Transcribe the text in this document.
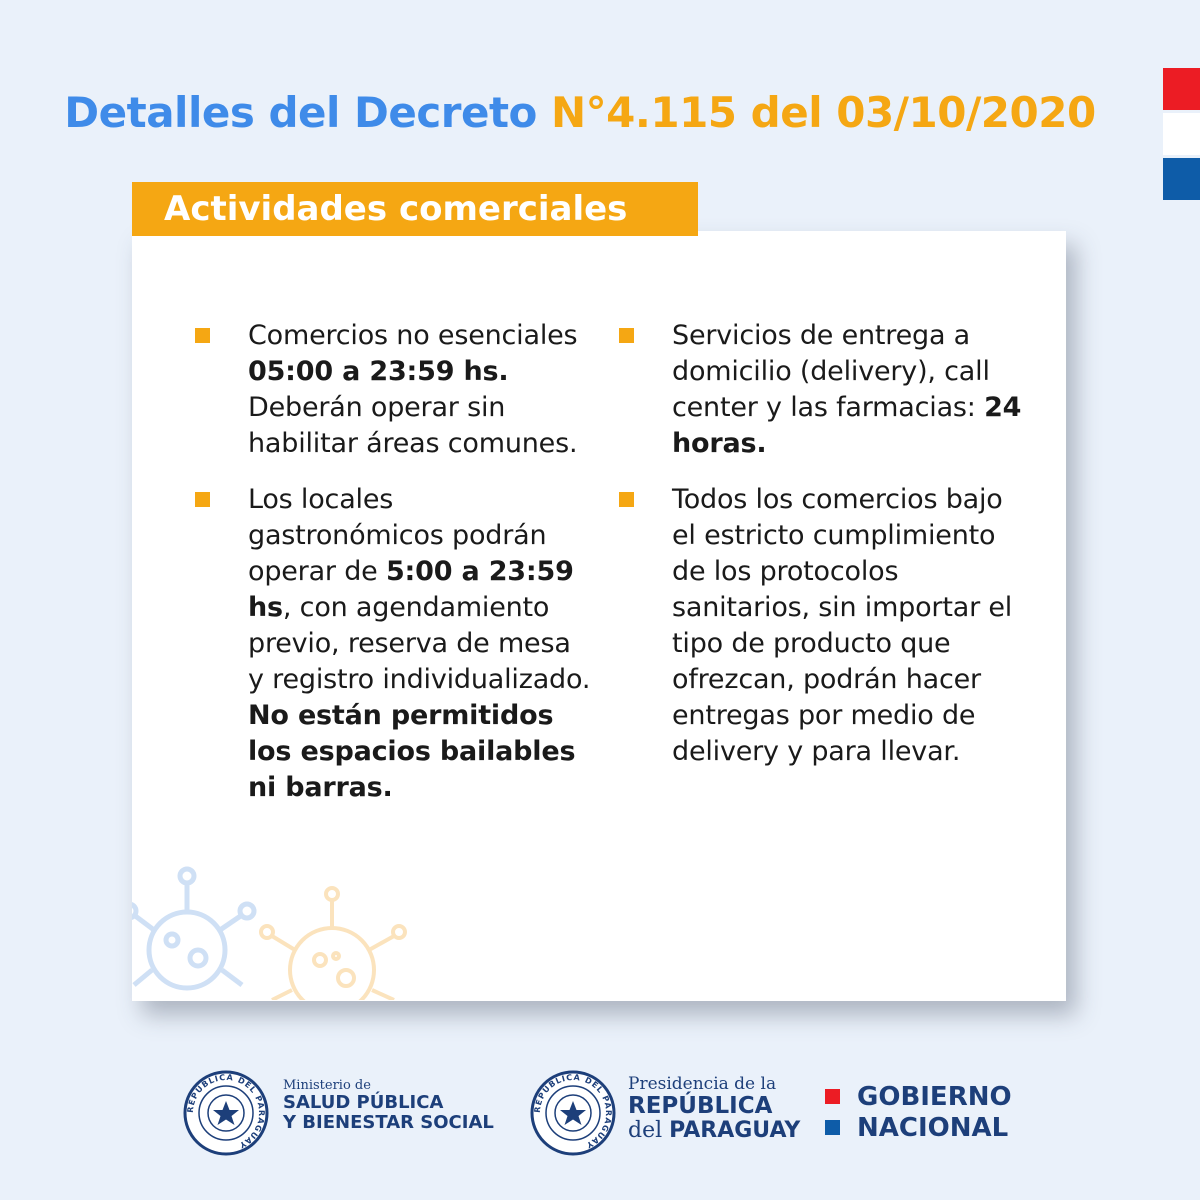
Detalles del Decreto N°4.115 del 03/10/2020
Actividades comerciales
Comercios no esenciales 05:00 a 23:59 hs. Deberán operar sin habilitar áreas comunes.
Los locales gastronómicos podrán operar de 5:00 a 23:59 hs, con agendamiento previo, reserva de mesa y registro individualizado. No están permitidos los espacios bailables ni barras.
Servicios de entrega a domicilio (delivery), call center y las farmacias: 24 horas.
Todos los comercios bajo el estricto cumplimiento de los protocolos sanitarios, sin importar el tipo de producto que ofrezcan, podrán hacer entregas por medio de delivery y para llevar.
REPÚBLICA DEL PARAGUAY
Ministerio de
SALUD PÚBLICA
Y BIENESTAR SOCIAL
REPÚBLICA DEL PARAGUAY
Presidencia de la
REPÚBLICA
del PARAGUAY
GOBIERNO
NACIONAL
